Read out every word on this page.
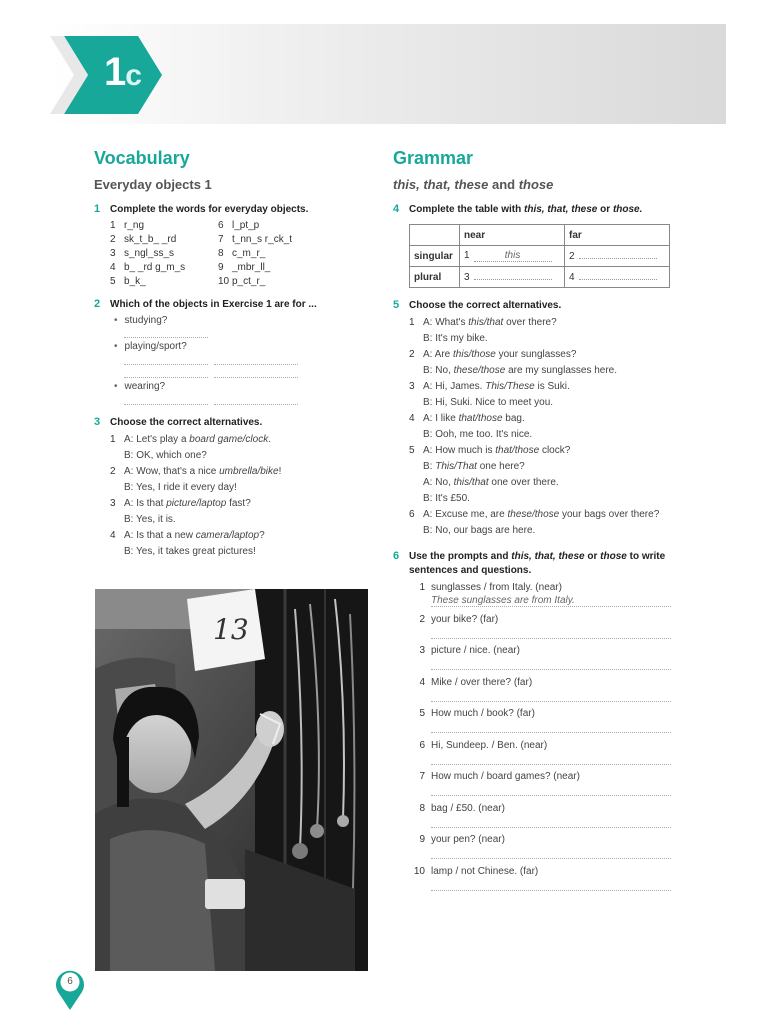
1c
Vocabulary
Everyday objects 1
1 Complete the words for everyday objects.
1 r_ng	6 l_pt_p
2 sk_t_b_ _rd	7 t_nn_s r_ck_t
3 s_ngl_ss_s	8 c_m_r_
4 b_ _rd g_m_s	9 _mbr_ll_
5 b_k_	10 p_ct_r_
2 Which of the objects in Exercise 1 are for ...
• studying?
• playing/sport?
• wearing?
3 Choose the correct alternatives.
1 A: Let's play a board game/clock.
B: OK, which one?
2 A: Wow, that's a nice umbrella/bike!
B: Yes, I ride it every day!
3 A: Is that picture/laptop fast?
B: Yes, it is.
4 A: Is that a new camera/laptop?
B: Yes, it takes great pictures!
13
Grammar
this, that, these and those
4 Complete the table with this, that, these or those.
	near	far
singular	1 this	2
plural	3	4
5 Choose the correct alternatives.
1 A: What's this/that over there?
B: It's my bike.
2 A: Are this/those your sunglasses?
B: No, these/those are my sunglasses here.
3 A: Hi, James. This/These is Suki.
B: Hi, Suki. Nice to meet you.
4 A: I like that/those bag.
B: Ooh, me too. It's nice.
5 A: How much is that/those clock?
B: This/That one here?
A: No, this/that one over there.
B: It's £50.
6 A: Excuse me, are these/those your bags over there?
B: No, our bags are here.
6 Use the prompts and this, that, these or those to write sentences and questions.
1 sunglasses / from Italy. (near)
These sunglasses are from Italy.
2 your bike? (far)
3 picture / nice. (near)
4 Mike / over there? (far)
5 How much / book? (far)
6 Hi, Sundeep. / Ben. (near)
7 How much / board games? (near)
8 bag / £50. (near)
9 your pen? (near)
10 lamp / not Chinese. (far)
6
